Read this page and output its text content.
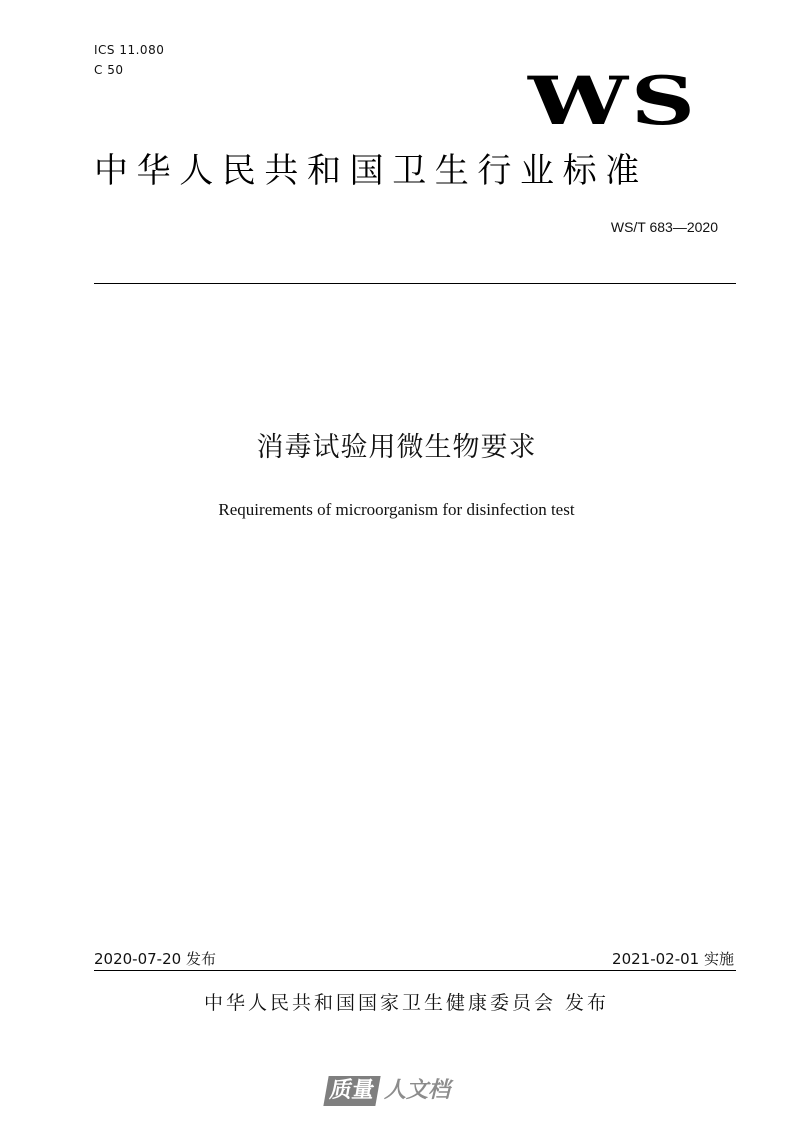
ICS 11.080
C 50	WS
中华人民共和国卫生行业标准
WS/T 683—2020
消毒试验用微生物要求
Requirements of microorganism for disinfection test
2020-07-20 发布	2021-02-01 实施
中华人民共和国国家卫生健康委员会 发布
质量 人文档
